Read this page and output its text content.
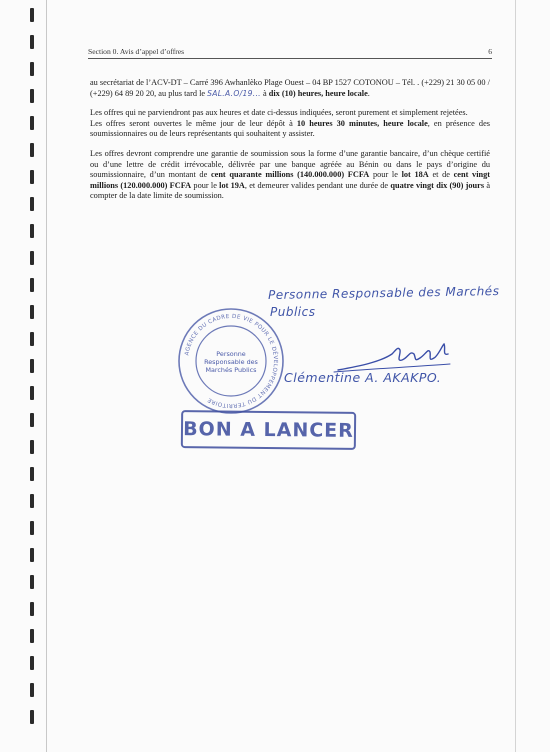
Section 0. Avis d’appel d’offres	6

au secrétariat de l’ACV-DT – Carré 396 Awhanlèko Plage Ouest – 04 BP 1527 COTONOU – Tél. . (+229) 21 30 05 00 / (+229) 64 89 20 20, au plus tard le SAL.A.O/19... à dix (10) heures, heure locale.

Les offres qui ne parviendront pas aux heures et date ci-dessus indiquées, seront purement et simplement rejetées.

Les offres seront ouvertes le même jour de leur dépôt à 10 heures 30 minutes, heure locale, en présence des soumissionnaires ou de leurs représentants qui souhaitent y assister.

Les offres devront comprendre une garantie de soumission sous la forme d’une garantie bancaire, d’un chèque certifié ou d’une lettre de crédit irrévocable, délivrée par une banque agréée au Bénin ou dans le pays d’origine du soumissionnaire, d’un montant de cent quarante millions (140.000.000) FCFA pour le lot 18A et de cent vingt millions (120.000.000) FCFA pour le lot 19A, et demeurer valides pendant une durée de quatre vingt dix (90) jours à compter de la date limite de soumission.

AGENCE DU CADRE DE VIE POUR LE DÉVELOPPEMENT DU TERRITOIRE
Personne
Responsable des
Marchés Publics
Personne Responsable des Marchés
Publics
Clémentine A. AKAKPO.
BON A LANCER
